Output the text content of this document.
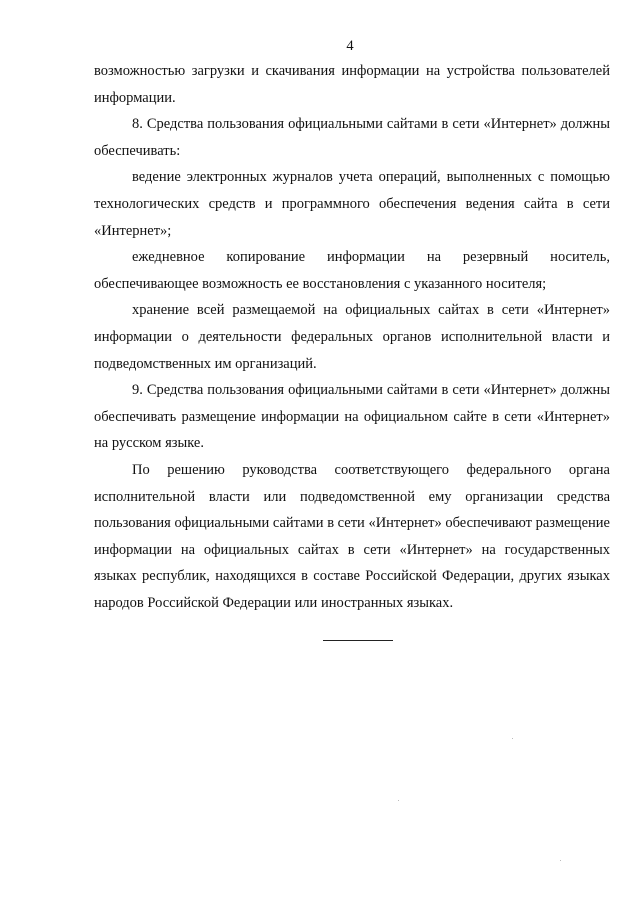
4

возможностью загрузки и скачивания информации на устройства пользователей информации.

8. Средства пользования официальными сайтами в сети «Интернет» должны обеспечивать:

ведение электронных журналов учета операций, выполненных с помощью технологических средств и программного обеспечения ведения сайта в сети «Интернет»;

ежедневное копирование информации на резервный носитель, обеспечивающее возможность ее восстановления с указанного носителя;

хранение всей размещаемой на официальных сайтах в сети «Интернет» информации о деятельности федеральных органов исполнительной власти и подведомственных им организаций.

9. Средства пользования официальными сайтами в сети «Интернет» должны обеспечивать размещение информации на официальном сайте в сети «Интернет» на русском языке.

По решению руководства соответствующего федерального органа исполнительной власти или подведомственной ему организации средства пользования официальными сайтами в сети «Интернет» обеспечивают размещение информации на официальных сайтах в сети «Интернет» на государственных языках республик, находящихся в составе Российской Федерации, других языках народов Российской Федерации или иностранных языках.
